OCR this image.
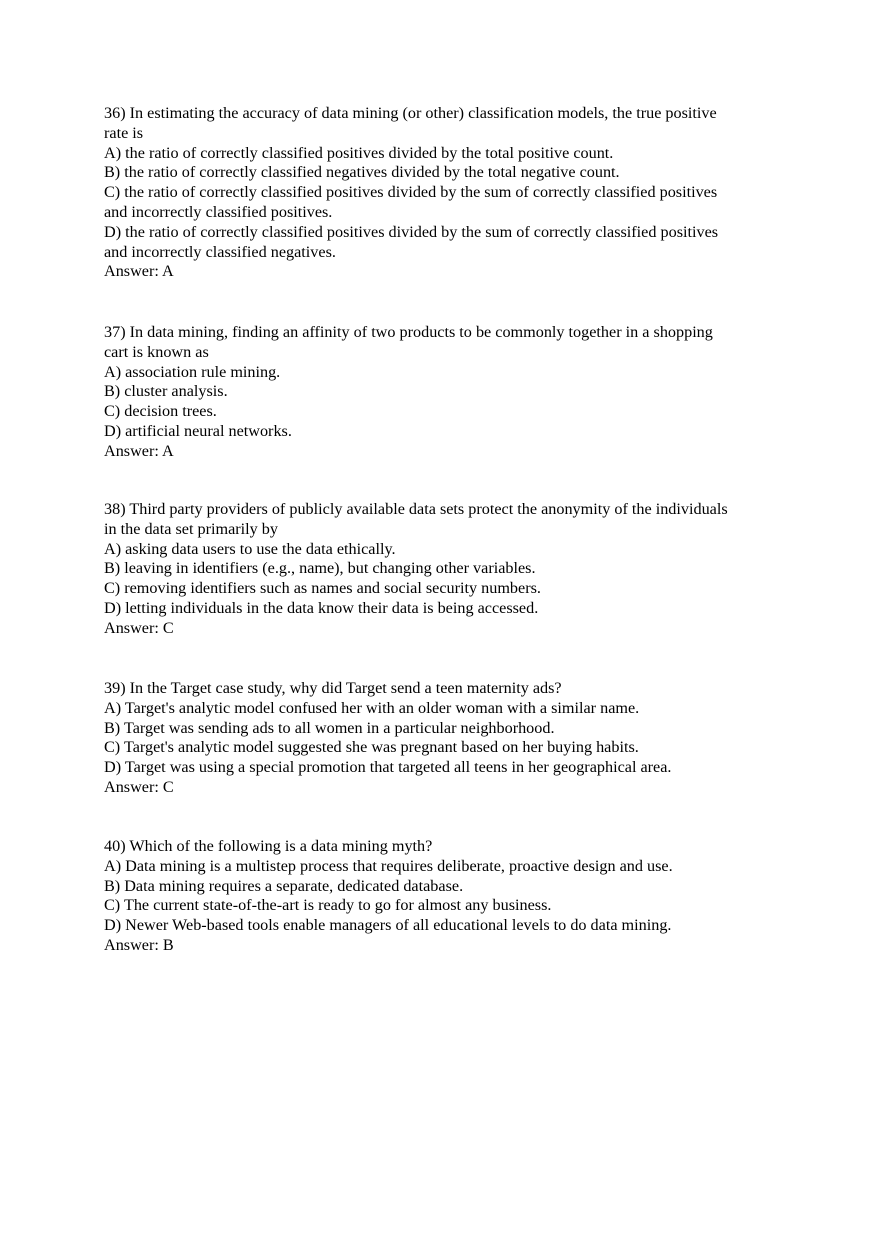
36) In estimating the accuracy of data mining (or other) classification models, the true positive
rate is
A) the ratio of correctly classified positives divided by the total positive count.
B) the ratio of correctly classified negatives divided by the total negative count.
C) the ratio of correctly classified positives divided by the sum of correctly classified positives
and incorrectly classified positives.
D) the ratio of correctly classified positives divided by the sum of correctly classified positives
and incorrectly classified negatives.
Answer: A
37) In data mining, finding an affinity of two products to be commonly together in a shopping
cart is known as
A) association rule mining.
B) cluster analysis.
C) decision trees.
D) artificial neural networks.
Answer: A
38) Third party providers of publicly available data sets protect the anonymity of the individuals
in the data set primarily by
A) asking data users to use the data ethically.
B) leaving in identifiers (e.g., name), but changing other variables.
C) removing identifiers such as names and social security numbers.
D) letting individuals in the data know their data is being accessed.
Answer: C
39) In the Target case study, why did Target send a teen maternity ads?
A) Target's analytic model confused her with an older woman with a similar name.
B) Target was sending ads to all women in a particular neighborhood.
C) Target's analytic model suggested she was pregnant based on her buying habits.
D) Target was using a special promotion that targeted all teens in her geographical area.
Answer: C
40) Which of the following is a data mining myth?
A) Data mining is a multistep process that requires deliberate, proactive design and use.
B) Data mining requires a separate, dedicated database.
C) The current state-of-the-art is ready to go for almost any business.
D) Newer Web-based tools enable managers of all educational levels to do data mining.
Answer: B
